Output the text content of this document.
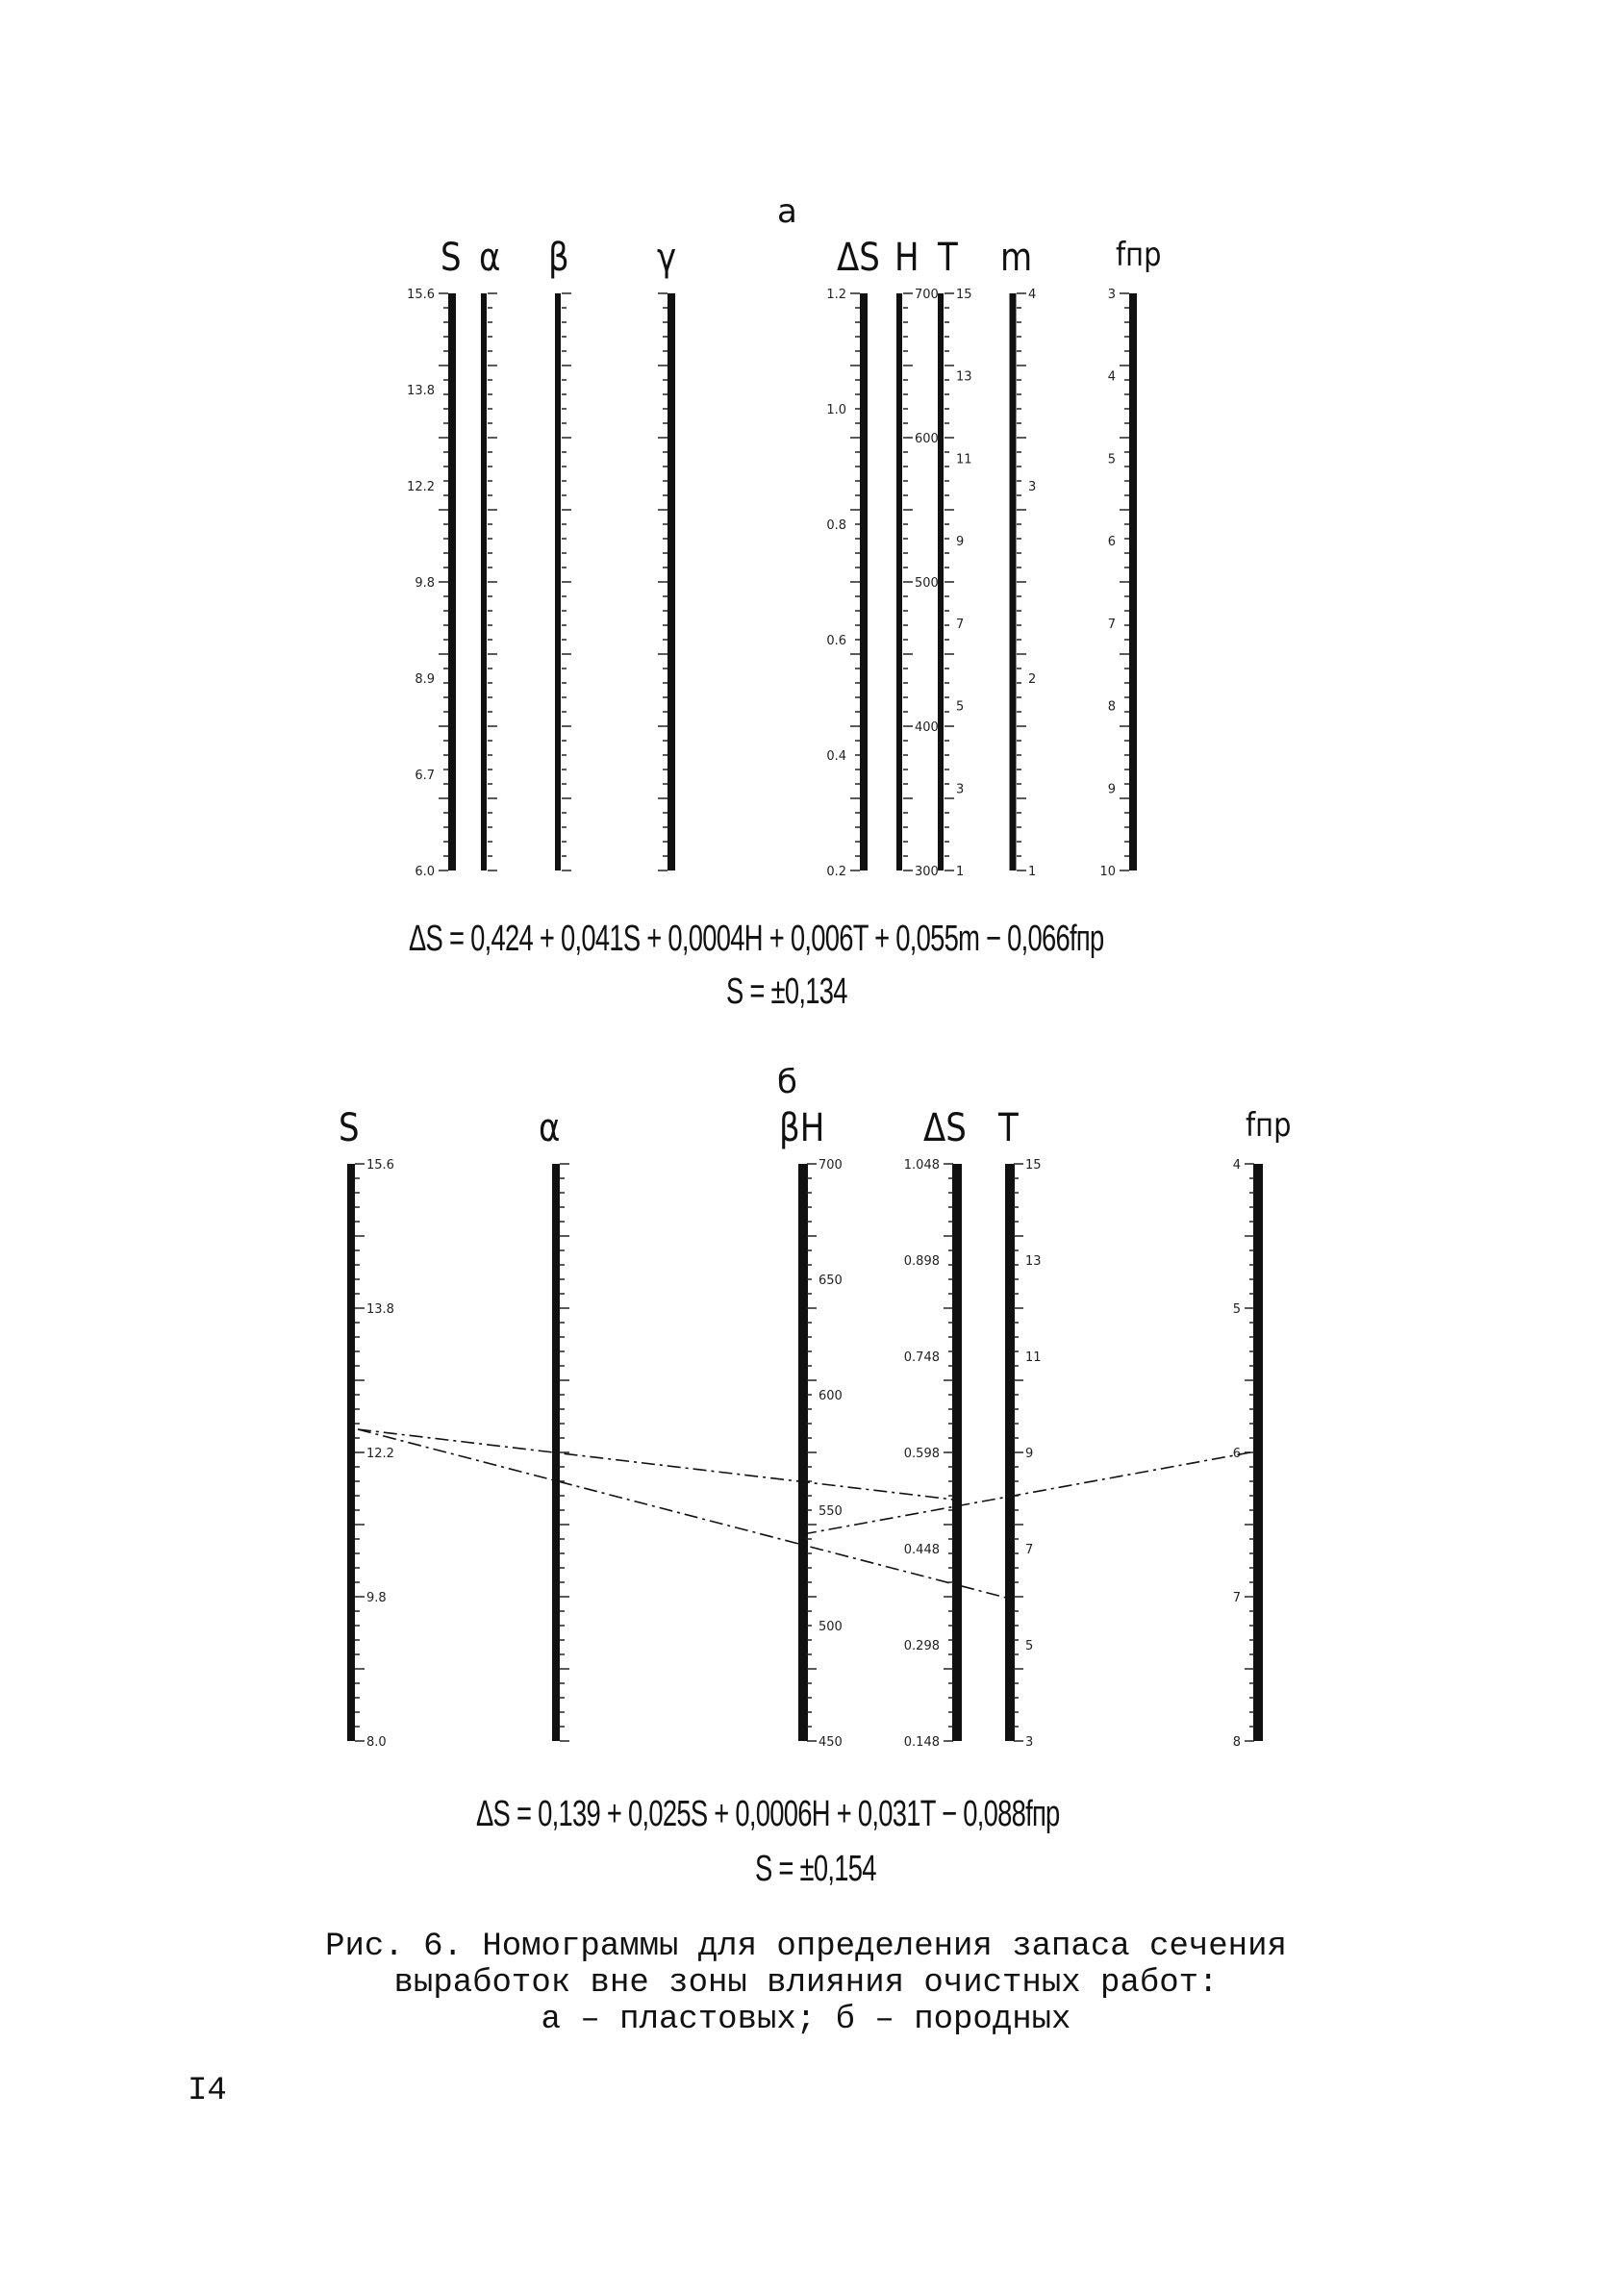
а
S α β γ	ΔS H T m	fпр
15.6
13.8
12.2
9.8
8.9
6.7
6.0
1.2
1.0
0.8
0.6
0.4
0.2
700
600
500
400
300
15
13
11
9
7
5
3
1
4
3
2
1
3
4
5
6
7
8
9
10
ΔS = 0,424 + 0,041S + 0,0004H + 0,006T + 0,055m − 0,066fпр
S = ±0,134
б
S	α	βH	ΔS T	fпр
15.6
13.8
12.2
9.8
8.0
700
650
600
550
500
450
1.048
0.898
0.748
0.598
0.448
0.298
0.148
15
13
11
9
7
5
3
4
5
6
7
8
ΔS = 0,139 + 0,025S + 0,0006H + 0,031T − 0,088fпр
S = ±0,154
Рис. 6. Номограммы для определения запаса сечения
выработок вне зоны влияния очистных работ:
а – пластовых; б – породных
I4
